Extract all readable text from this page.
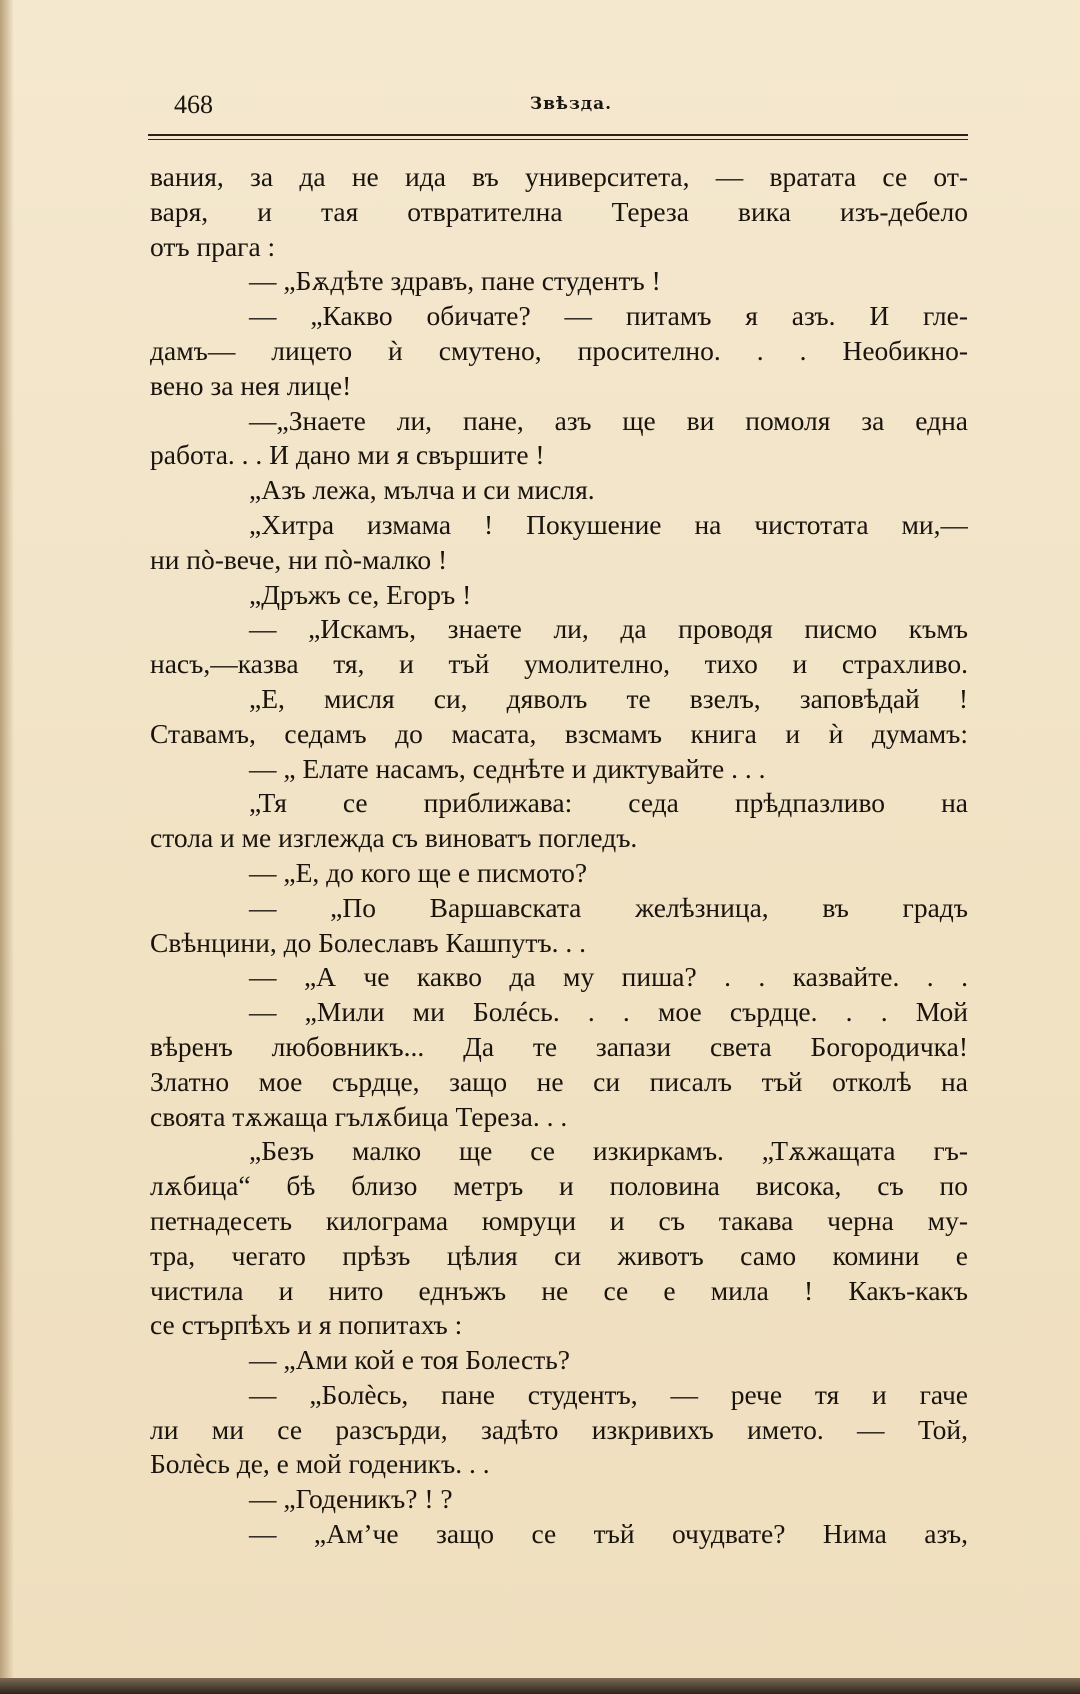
468	Звѣзда.
вания, за да не ида въ университета, — вратата се от-
варя, и тая отвратителна Тереза вика изъ-дебело
отъ прага :
— „Бѫдѣте здравъ, пане студентъ !
— „Какво обичате? — питамъ я азъ. И гле-
дамъ— лицето ѝ смутено, просително. . . Необикно-
вено за нея лице!
—„Знаете ли, пане, азъ ще ви помоля за една
работа. . . И дано ми я свършите !
„Азъ лежа, мълча и си мисля.
„Хитра измама ! Покушение на чистотата ми,—
ни пò-вече, ни пò-малко !
„Дръжъ се, Егоръ !
— „Искамъ, знаете ли, да проводя писмо къмъ
насъ,—казва тя, и тъй умолително, тихо и страхливо.
„Е, мисля си, дяволъ те взелъ, заповѣдай !
Ставамъ, седамъ до масата, взсмамъ книга и ѝ думамъ:
— „ Елате насамъ, седнѣте и диктувайте . . .
„Тя се приближава: седа прѣдпазливо на
стола и ме изглежда съ виноватъ погледъ.
— „Е, до кого ще е писмото?
— „По Варшавската желѣзница, въ градъ
Свѣнцини, до Болеславъ Кашпутъ. . .
— „А че какво да му пиша? . . казвайте. . .
— „Мили ми Болéсь. . . мое сърдце. . . Мой
вѣренъ любовникъ... Да те запази света Богородичка!
Златно мое сърдце, защо не си писалъ тъй отколѣ на
своята тѫжаща гълѫбица Тереза. . .
„Безъ малко ще се изкиркамъ. „Тѫжащата гъ-
лѫбица“ бѣ близо метръ и половина висока, съ по
петнадесеть килограма юмруци и съ такава черна му-
тра, чегато прѣзъ цѣлия си животъ само комини е
чистила и нито еднъжъ не се е мила ! Какъ-какъ
се стърпѣхъ и я попитахъ :
— „Ами кой е тоя Болесть?
— „Болѐсь, пане студентъ, — рече тя и гаче
ли ми се разсърди, задѣто изкривихъ името. — Той,
Болѐсь де, е мой годеникъ. . .
— „Годеникъ? ! ?
— „Ам’че защо се тъй очудвате? Нима азъ,
